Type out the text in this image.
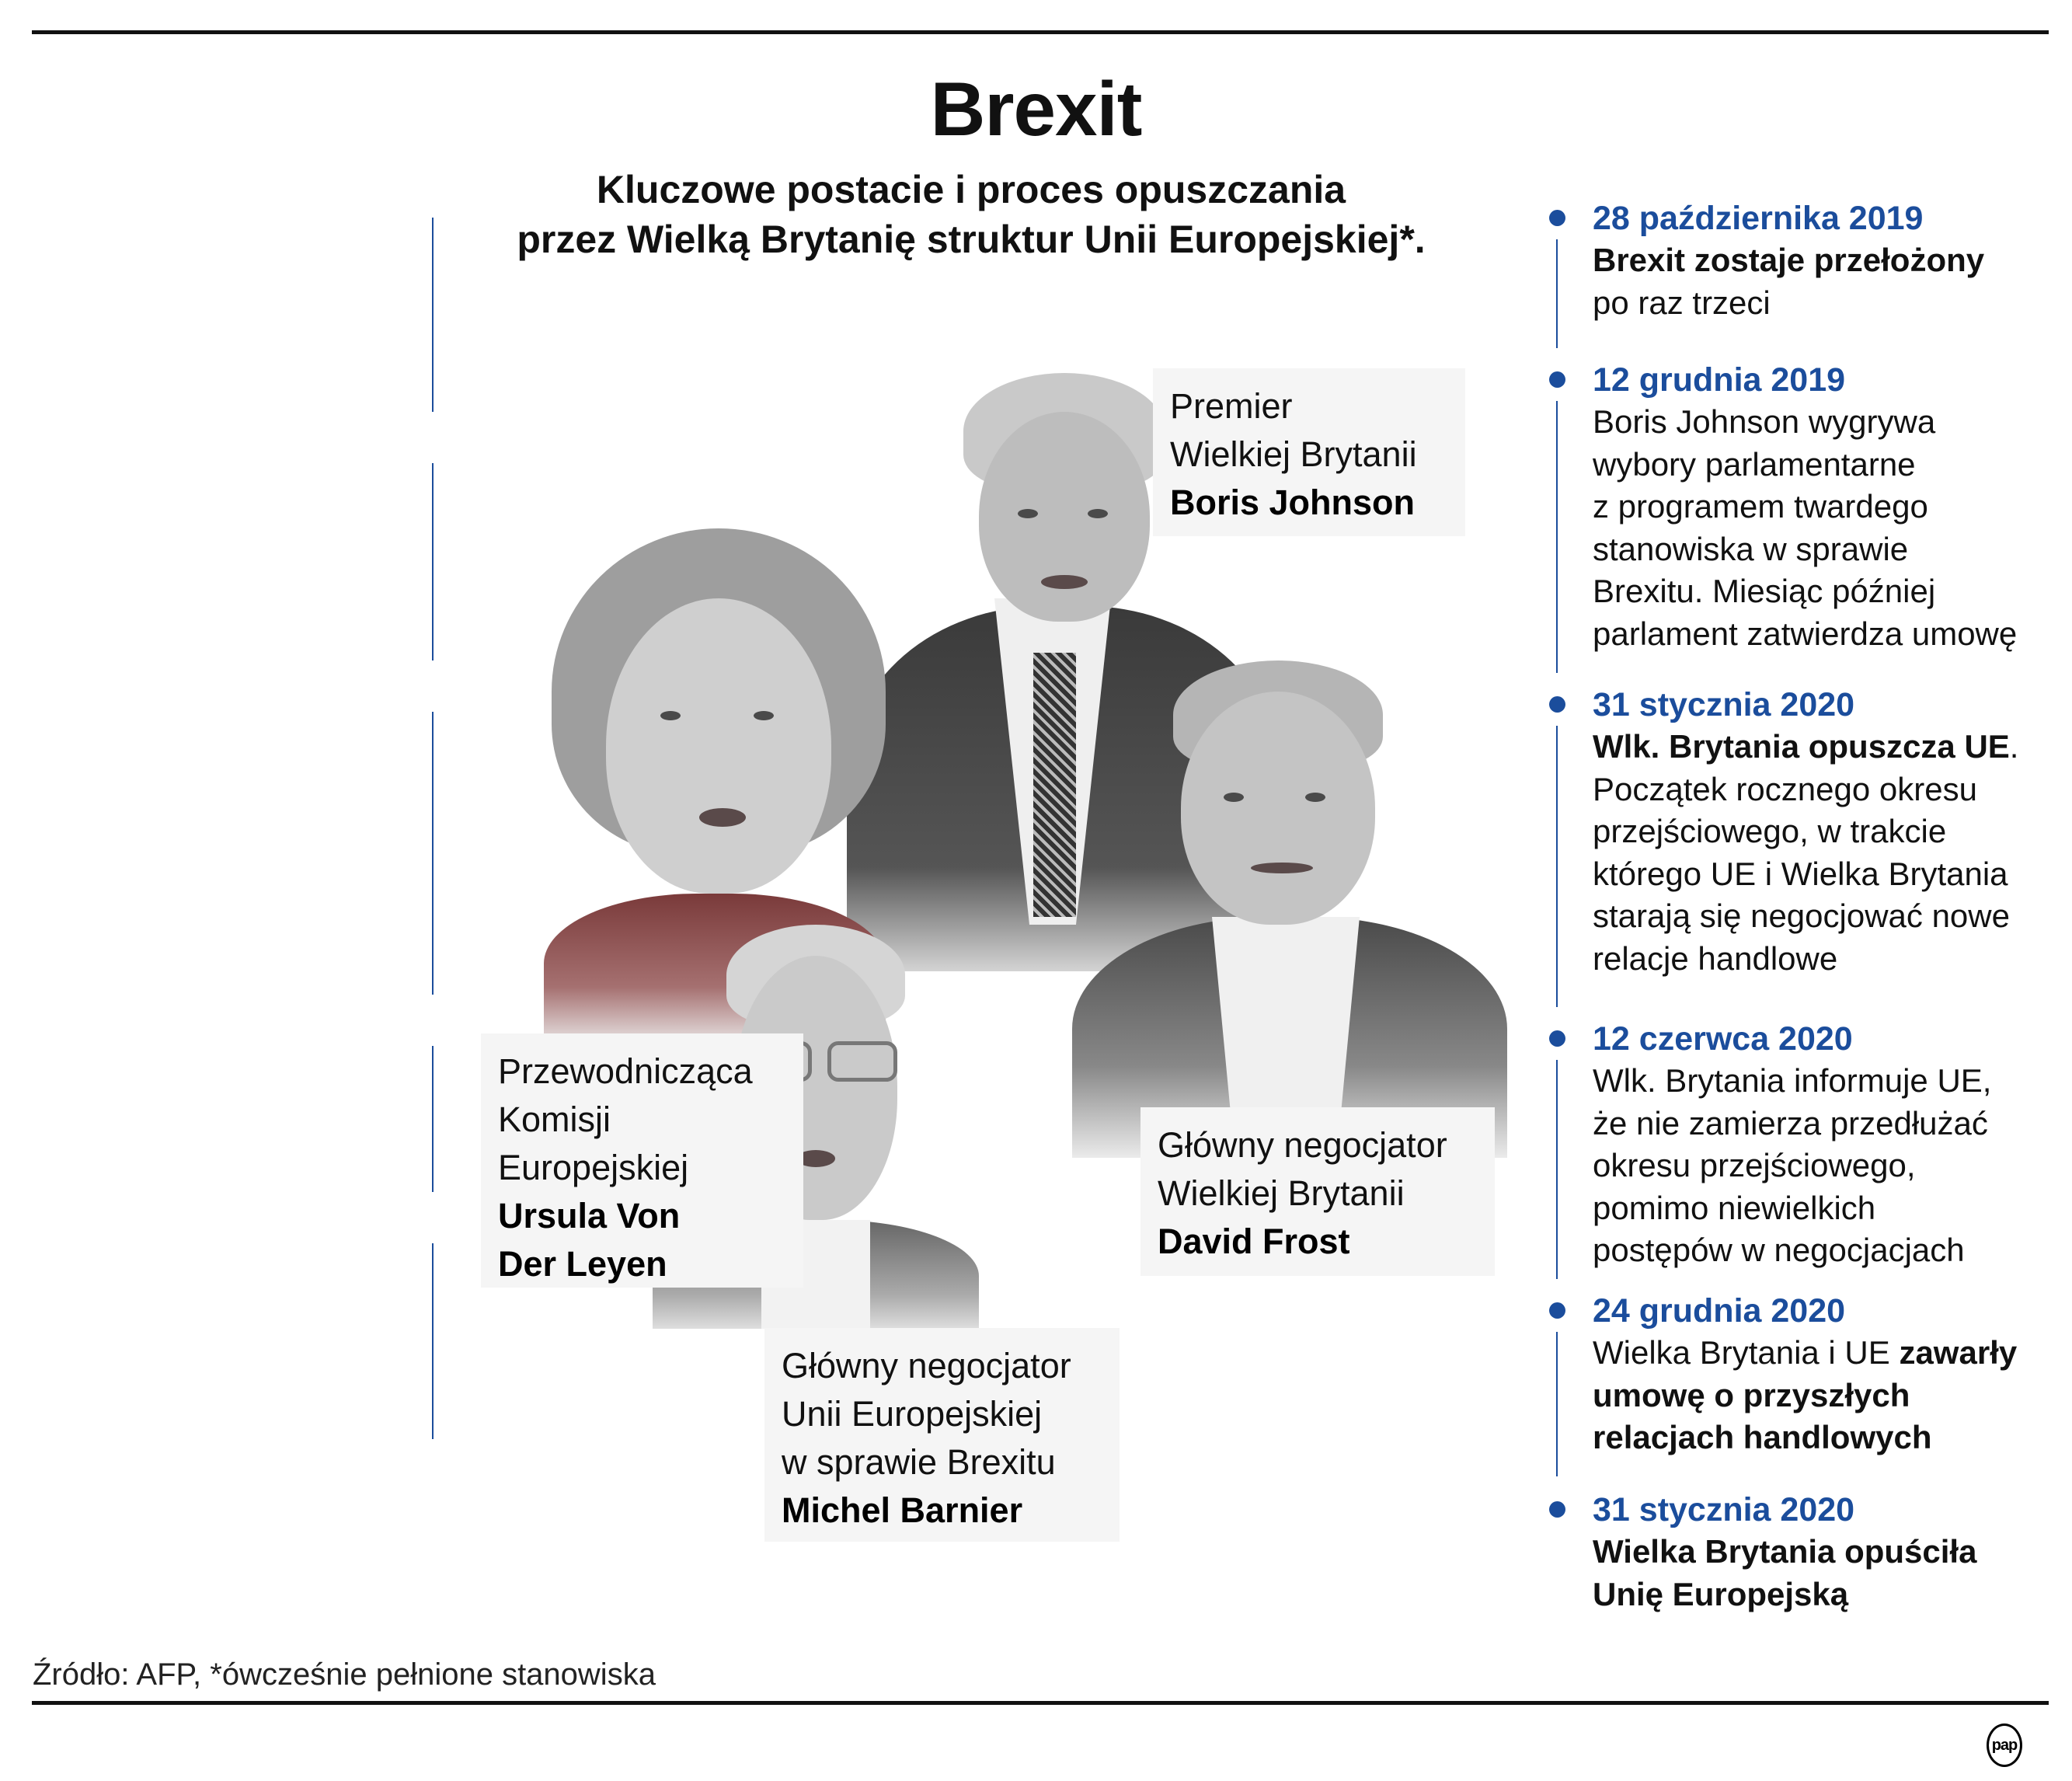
Brexit
Kluczowe postacie i proces opuszczania
przez Wielką Brytanię struktur Unii Europejskiej*.	28 października 2019
Brexit zostaje przełożony
po raz trzeci
12 grudnia 2019
Boris Johnson wygrywa
wybory parlamentarne
z programem twardego
stanowiska w sprawie
Brexitu. Miesiąc później
parlament zatwierdza umowę
31 stycznia 2020
Wlk. Brytania opuszcza UE.
Początek rocznego okresu
przejściowego, w trakcie
którego UE i Wielka Brytania
starają się negocjować nowe
relacje handlowe
12 czerwca 2020
Wlk. Brytania informuje UE,
że nie zamierza przedłużać
okresu przejściowego,
pomimo niewielkich
postępów w negocjacjach
24 grudnia 2020
Wielka Brytania i UE zawarły
umowę o przyszłych
relacjach handlowych
31 stycznia 2020
Wielka Brytania opuściła
Unię Europejską
Premier
Wielkiej Brytanii
Boris Johnson
Przewodnicząca
Komisji
Europejskiej
Ursula Von
Der Leyen
Główny negocjator
Wielkiej Brytanii
David Frost
Główny negocjator
Unii Europejskiej
w sprawie Brexitu
Michel Barnier
Źródło: AFP, *ówcześnie pełnione stanowiska
pap
